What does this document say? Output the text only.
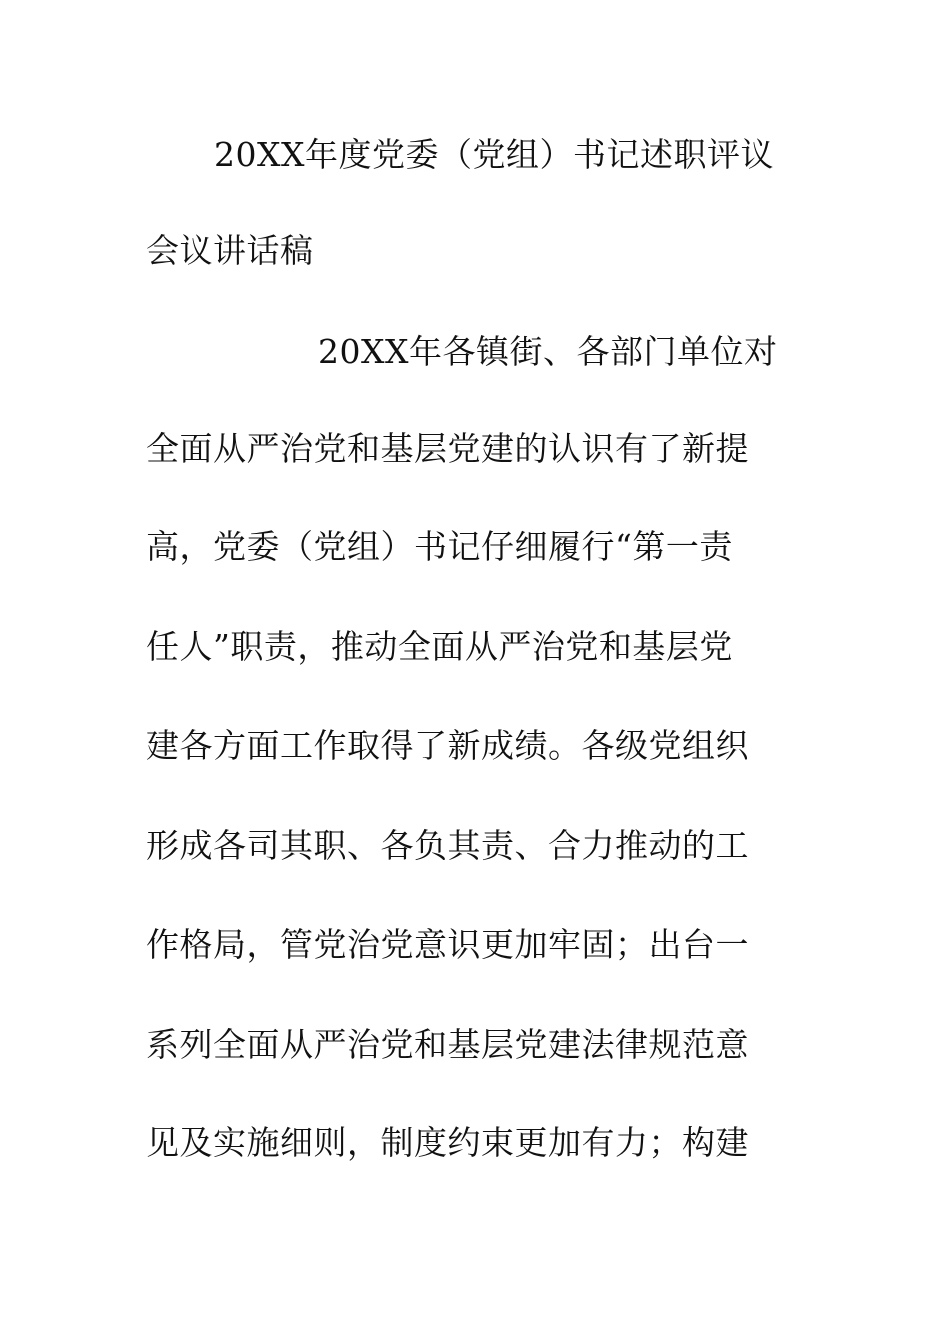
20XX年度党委（党组）书记述职评议
会议讲话稿
20XX年各镇街、各部门单位对
全面从严治党和基层党建的认识有了新提
高，党委（党组）书记仔细履行“第一责
任人”职责，推动全面从严治党和基层党
建各方面工作取得了新成绩。各级党组织
形成各司其职、各负其责、合力推动的工
作格局，管党治党意识更加牢固；出台一
系列全面从严治党和基层党建法律规范意
见及实施细则，制度约束更加有力；构建
